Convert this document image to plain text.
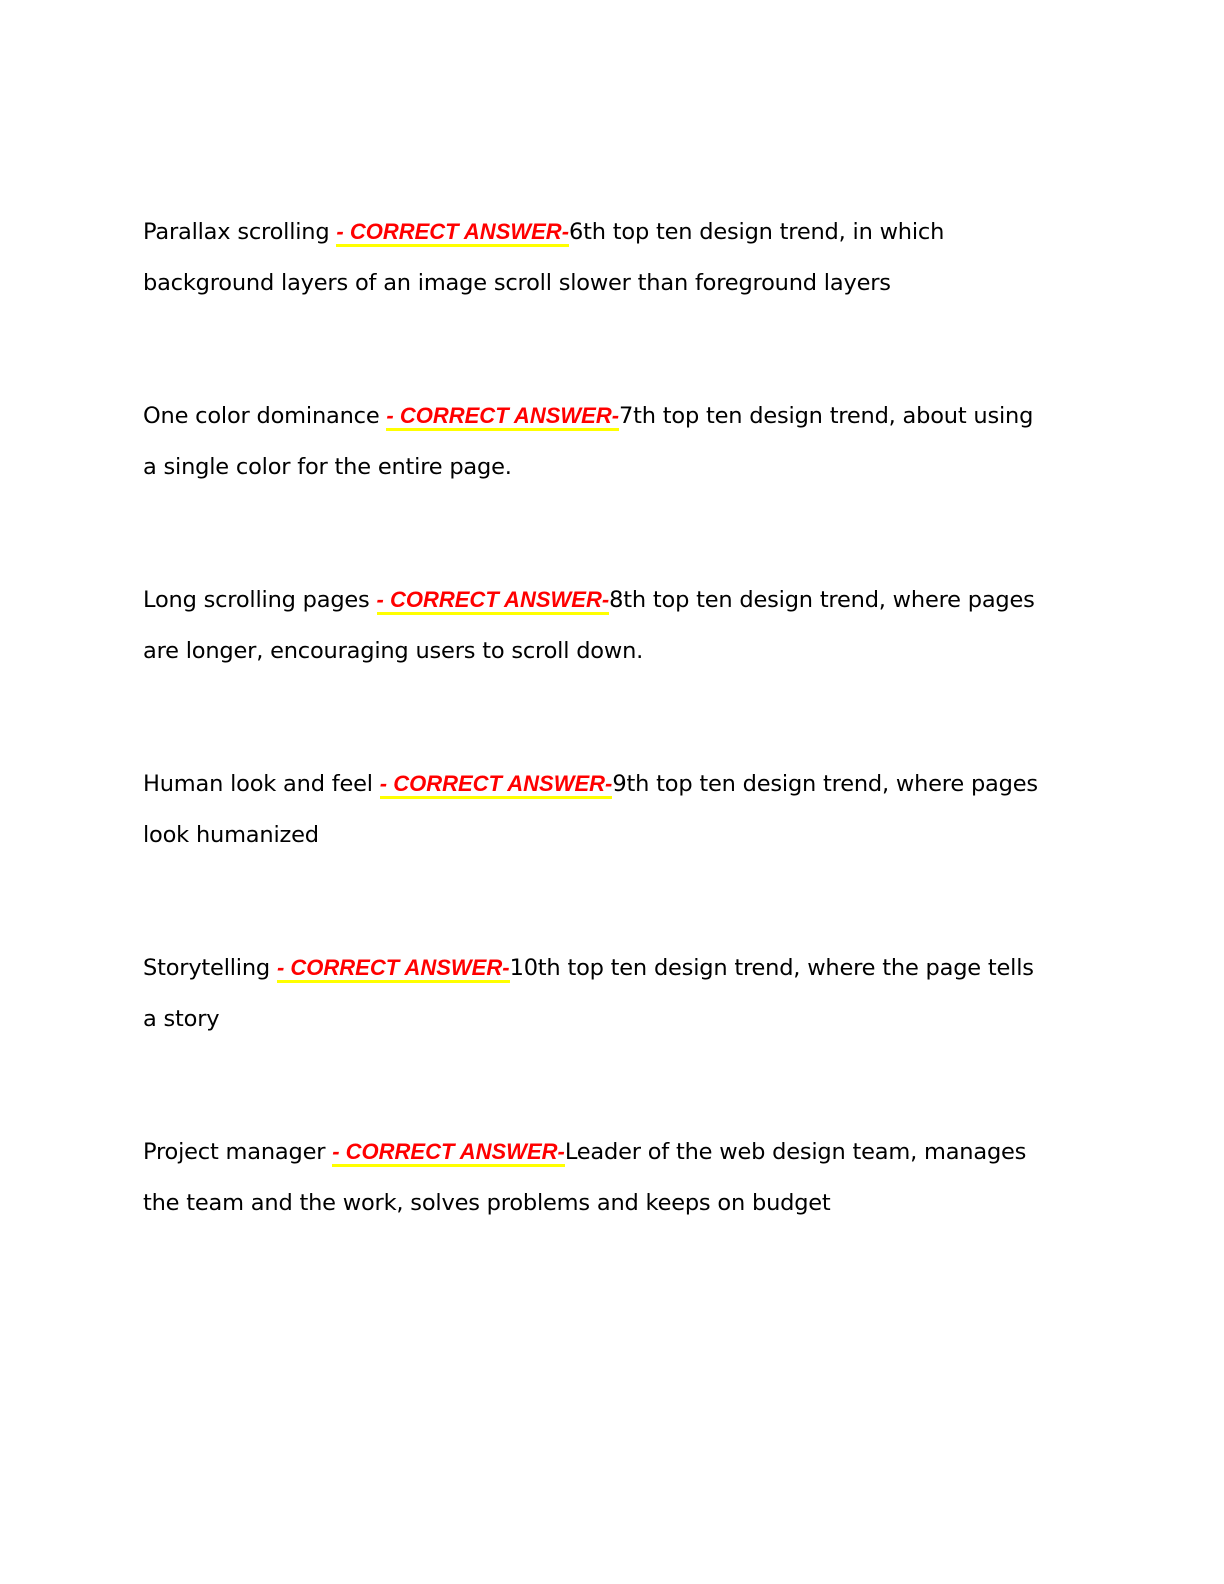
Parallax scrolling - CORRECT ANSWER-6th top ten design trend, in which background layers of an image scroll slower than foreground layers
One color dominance - CORRECT ANSWER-7th top ten design trend, about using a single color for the entire page.
Long scrolling pages - CORRECT ANSWER-8th top ten design trend, where pages are longer, encouraging users to scroll down.
Human look and feel - CORRECT ANSWER-9th top ten design trend, where pages look humanized
Storytelling - CORRECT ANSWER-10th top ten design trend, where the page tells a story
Project manager - CORRECT ANSWER-Leader of the web design team, manages the team and the work, solves problems and keeps on budget
